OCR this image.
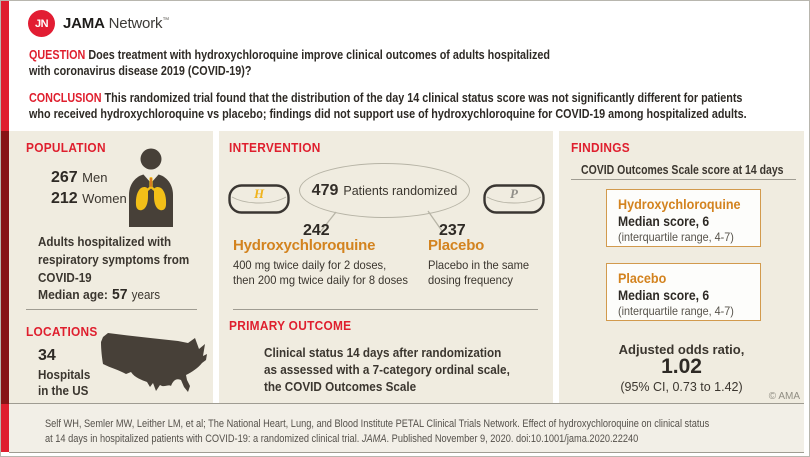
JN JAMA Network™
QUESTION Does treatment with hydroxychloroquine improve clinical outcomes of adults hospitalized
with coronavirus disease 2019 (COVID-19)?
CONCLUSION This randomized trial found that the distribution of the day 14 clinical status score was not significantly different for patients
who received hydroxychloroquine vs placebo; findings did not support use of hydroxychloroquine for COVID-19 among hospitalized adults.
POPULATION
267 Men
212 Women
Adults hospitalized with respiratory symptoms from COVID-19
Median age: 57 years
LOCATIONS
34
Hospitals
in the US
INTERVENTION
H	P
479 Patients randomized
242	237
Hydroxychloroquine
400 mg twice daily for 2 doses,
then 200 mg twice daily for 8 doses
Placebo
Placebo in the same
dosing frequency
PRIMARY OUTCOME
Clinical status 14 days after randomization
as assessed with a 7-category ordinal scale,
the COVID Outcomes Scale
FINDINGS
COVID Outcomes Scale score at 14 days
Hydroxychloroquine
Median score, 6
(interquartile range, 4-7)
Placebo
Median score, 6
(interquartile range, 4-7)
Adjusted odds ratio,
1.02
(95% CI, 0.73 to 1.42)
© AMA
Self WH, Semler MW, Leither LM, et al; The National Heart, Lung, and Blood Institute PETAL Clinical Trials Network. Effect of hydroxychloroquine on clinical status
at 14 days in hospitalized patients with COVID-19: a randomized clinical trial. JAMA. Published November 9, 2020. doi:10.1001/jama.2020.22240
